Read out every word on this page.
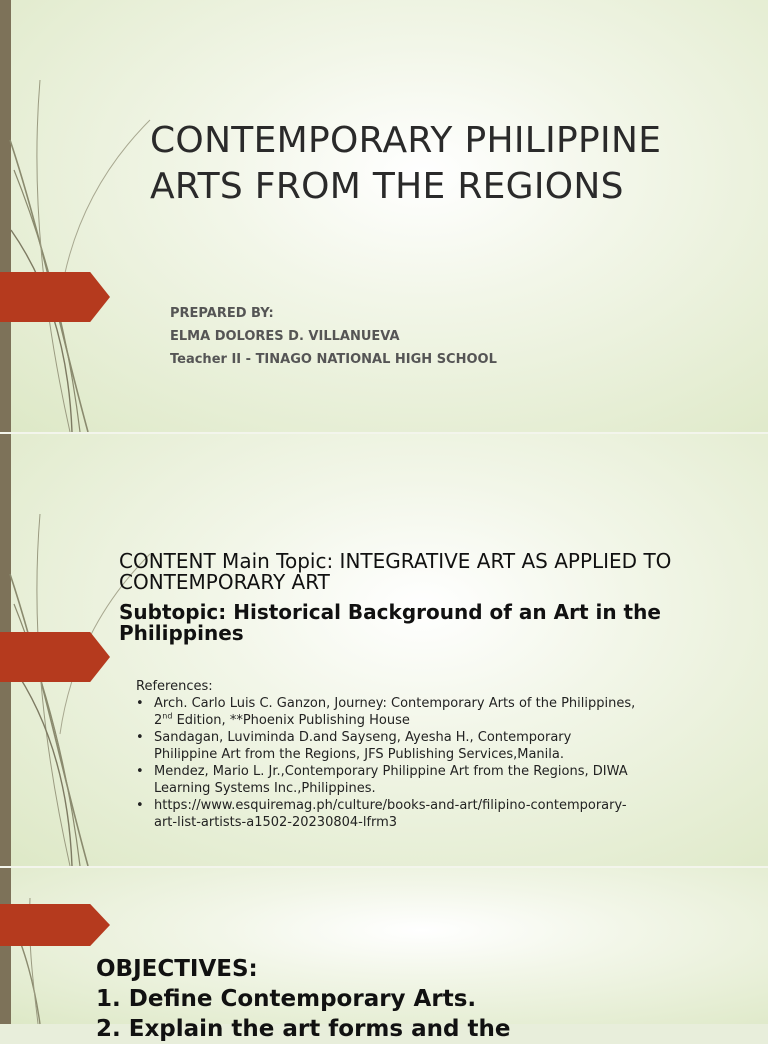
CONTEMPORARY PHILIPPINE
ARTS FROM THE REGIONS
PREPARED BY:
ELMA DOLORES D. VILLANUEVA
Teacher II - TINAGO NATIONAL HIGH SCHOOL
CONTENT Main Topic: INTEGRATIVE ART AS APPLIED TO CONTEMPORARY ART
Subtopic: Historical Background of an Art in the Philippines
References:
• Arch. Carlo Luis C. Ganzon, Journey: Contemporary Arts of the Philippines, 2nd Edition, **Phoenix Publishing House
• Sandagan, Luviminda D.and Sayseng, Ayesha H., Contemporary Philippine Art from the Regions, JFS Publishing Services,Manila.
• Mendez, Mario L. Jr.,Contemporary Philippine Art from the Regions, DIWA Learning Systems Inc.,Philippines.
• https://www.esquiremag.ph/culture/books-and-art/filipino-contemporary-art-list-artists-a1502-20230804-lfrm3
OBJECTIVES:
1. Define Contemporary Arts.
2. Explain the art forms and the
